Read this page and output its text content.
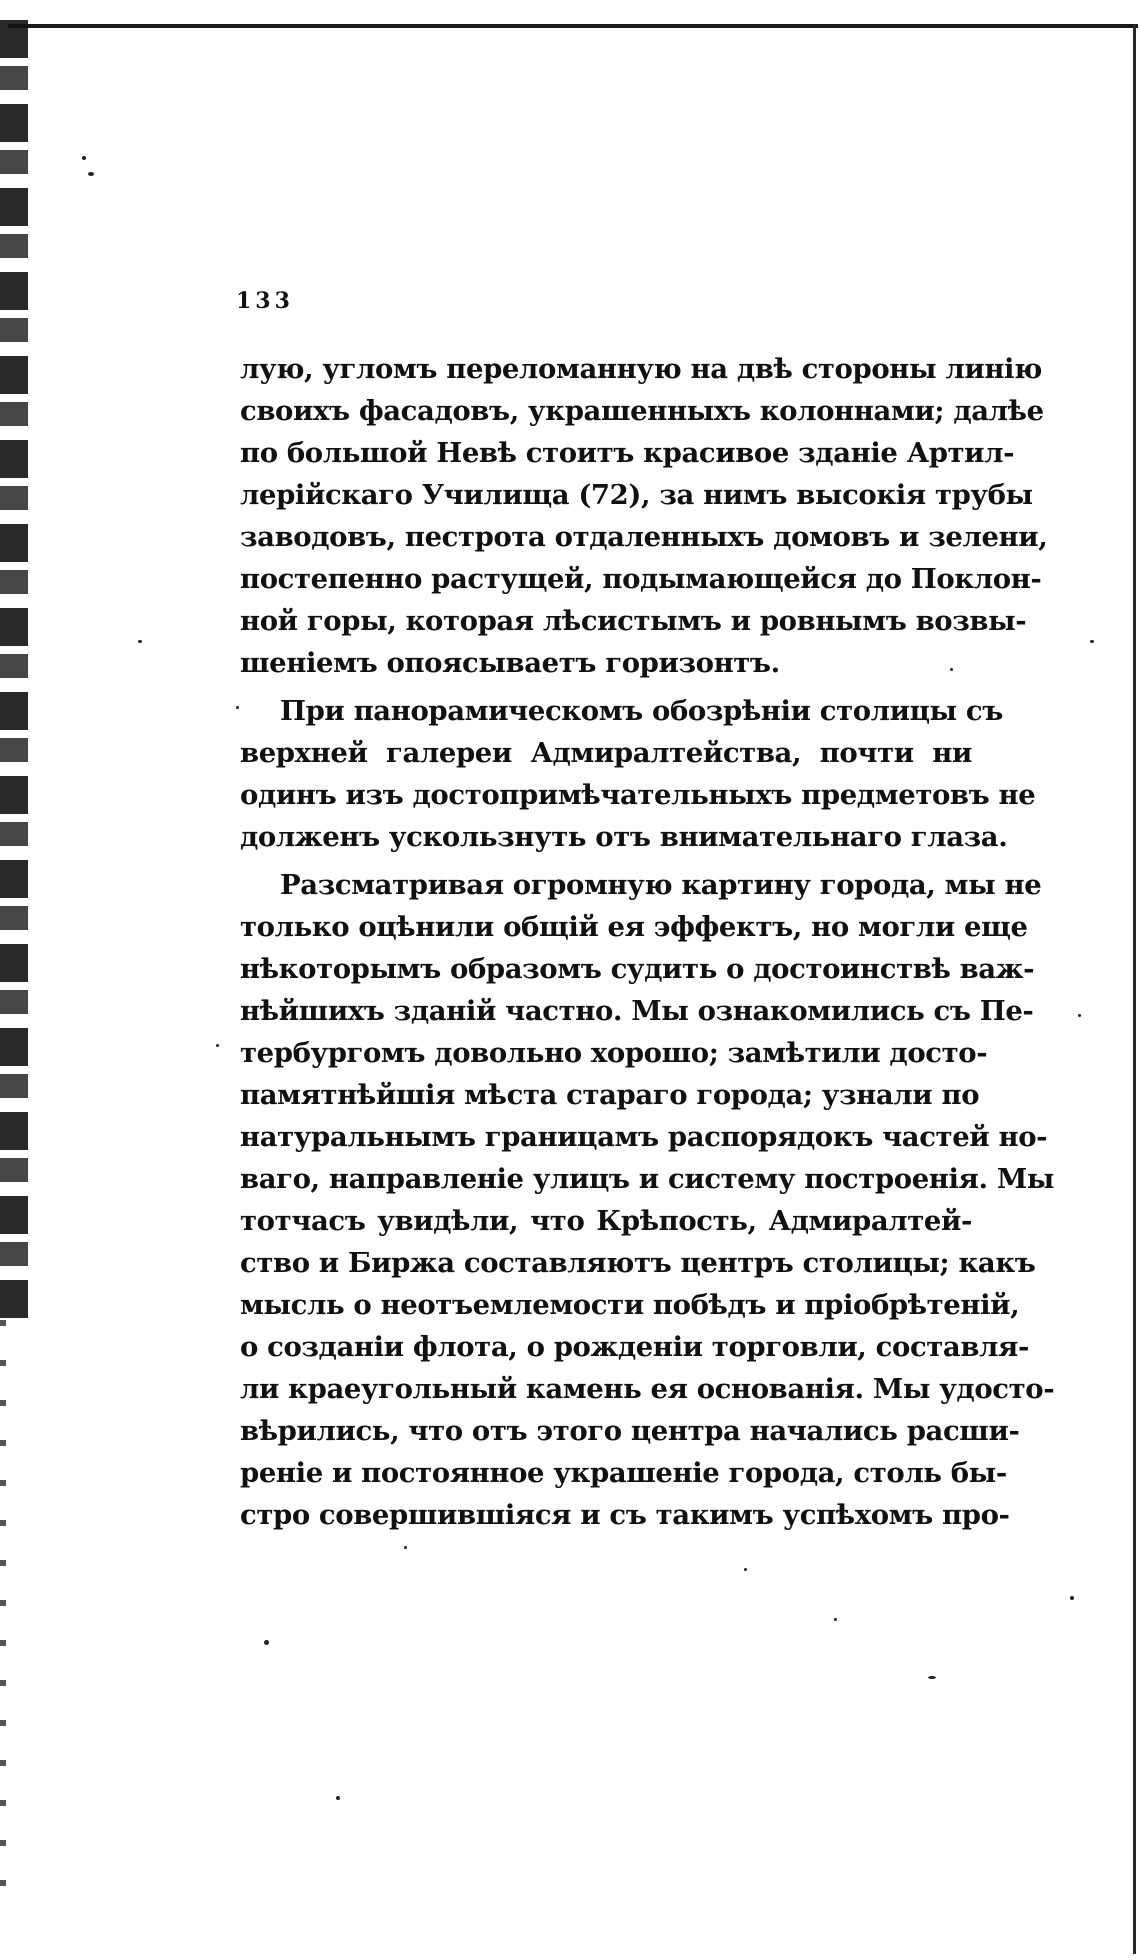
133
лую, угломъ переломанную на двѣ стороны линію
своихъ фасадовъ, украшенныхъ колоннами; далѣе
по большой Невѣ стоитъ красивое зданіе Артил-
лерійскаго Училища (72), за нимъ высокія трубы
заводовъ, пестрота отдаленныхъ домовъ и зелени,
постепенно растущей, подымающейся до Поклон-
ной горы, которая лѣсистымъ и ровнымъ возвы-
шеніемъ опоясываетъ горизонтъ.
При панорамическомъ обозрѣніи столицы съ
верхней галереи Адмиралтейства, почти ни
одинъ изъ достопримѣчательныхъ предметовъ не
долженъ ускользнуть отъ внимательнаго глаза.
Разсматривая огромную картину города, мы не
только оцѣнили общій ея эффектъ, но могли еще
нѣкоторымъ образомъ судить о достоинствѣ важ-
нѣйшихъ зданій частно. Мы ознакомились съ Пе-
тербургомъ довольно хорошо; замѣтили досто-
памятнѣйшія мѣста стараго города; узнали по
натуральнымъ границамъ распорядокъ частей но-
ваго, направленіе улицъ и систему построенія. Мы
тотчасъ увидѣли, что Крѣпость, Адмиралтей-
ство и Биржа составляютъ центръ столицы; какъ
мысль о неотъемлемости побѣдъ и пріобрѣтеній,
о созданіи флота, о рожденіи торговли, составля-
ли краеугольный камень ея основанія. Мы удосто-
вѣрились, что отъ этого центра начались расши-
реніе и постоянное украшеніе города, столь бы-
стро совершившіяся и съ такимъ успѣхомъ про-
